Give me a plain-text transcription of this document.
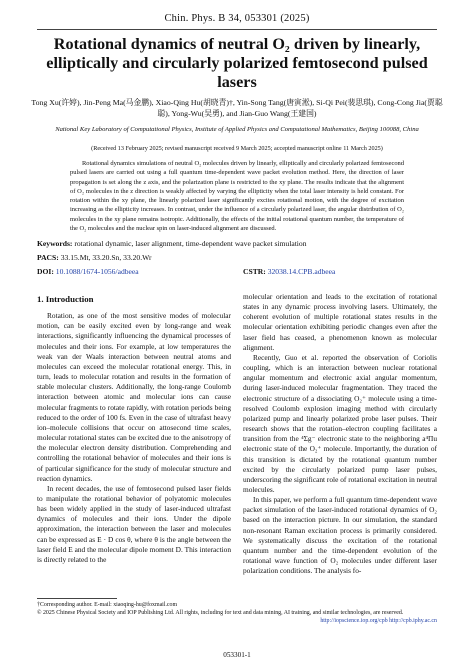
Chin. Phys. B 34, 053301 (2025)
Rotational dynamics of neutral O₂ driven by linearly, elliptically and circularly polarized femtosecond pulsed lasers
Tong Xu(许婷), Jin-Peng Ma(马金鹏), Xiao-Qing Hu(胡晓青)†, Yin-Song Tang(唐寅淞), Si-Qi Pei(裴思琪), Cong-Cong Jia(贾聪聪), Yong-Wu(吴勇), and Jian-Guo Wang(王建国)
National Key Laboratory of Computational Physics, Institute of Applied Physics and Computational Mathematics, Beijing 100088, China
(Received 13 February 2025; revised manuscript received 9 March 2025; accepted manuscript online 11 March 2025)
Rotational dynamics simulations of neutral O₂ molecules driven by linearly, elliptically and circularly polarized femtosecond pulsed lasers are carried out using a full quantum time-dependent wave packet evolution method. Here, the direction of laser propagation is set along the z axis, and the polarization plane is restricted to the xy plane. The results indicate that the alignment of O₂ molecules in the z direction is weakly affected by varying the ellipticity when the total laser intensity is held constant. For rotation within the xy plane, the linearly polarized laser significantly excites rotational motion, with the degree of excitation increasing as the ellipticity increases. In contrast, under the influence of a circularly polarized laser, the angular distribution of O₂ molecules in the xy plane remains isotropic. Additionally, the effects of the initial rotational quantum number, the temperature of the O₂ molecules and the nuclear spin on laser-induced alignment are discussed.
Keywords: rotational dynamic, laser alignment, time-dependent wave packet simulation
PACS: 33.15.Mt, 33.20.Sn, 33.20.Wr
DOI: 10.1088/1674-1056/adbeea	CSTR: 32038.14.CPB.adbeea
1. Introduction

Rotation, as one of the most sensitive modes of molecular motion, can be easily excited even by long-range and weak interactions, significantly influencing the dynamical processes of molecules and their ions. For example, at low temperatures the weak van der Waals interaction between neutral atoms and molecules can exceed the molecular rotational energy. This, in turn, leads to molecular rotation and results in the formation of stable molecular clusters. Additionally, the long-range Coulomb interaction between atomic and molecular ions can cause molecular fragments to rotate rapidly, with rotation periods being reduced to the order of 100 fs. Even in the case of ultrafast heavy ion–molecule collisions that occur on attosecond time scales, molecular rotational states can be excited due to the anisotropy of the molecular electron density distribution. Comprehending and controlling the rotational behavior of molecules and their ions is of particular significance for the study of molecular structure and reaction dynamics.

In recent decades, the use of femtosecond pulsed laser fields to manipulate the rotational behavior of polyatomic molecules has been widely applied in the study of laser-induced ultrafast dynamics of molecules and their ions. Under the dipole approximation, the interaction between the laser and molecules can be expressed as E · D cos θ, where θ is the angle between the laser field E and the molecular dipole moment D. This interaction is directly related to the

molecular orientation and leads to the excitation of rotational states in any dynamic process involving lasers. Ultimately, the coherent evolution of multiple rotational states results in the molecular orientation exhibiting periodic changes even after the laser field has ceased, a phenomenon known as molecular alignment.

Recently, Guo et al. reported the observation of Coriolis coupling, which is an interaction between nuclear rotational angular momentum and electronic axial angular momentum, during laser-induced molecular fragmentation. They traced the electronic structure of a dissociating O₂⁺ molecule using a time-resolved Coulomb explosion imaging method with circularly polarized pump and linearly polarized probe laser pulses. Their research shows that the rotation–electron coupling facilitates a transition from the ⁴Σg⁻ electronic state to the neighboring a⁴Πu electronic state of the O₂⁺ molecule. Importantly, the duration of this transition is dictated by the rotational quantum number excited by the circularly polarized pump laser pulses, underscoring the significant role of rotational excitation in neutral molecules.

In this paper, we perform a full quantum time-dependent wave packet simulation of the laser-induced rotational dynamics of O₂ based on the interaction picture. In our simulation, the standard non-resonant Raman excitation process is primarily considered. We systematically discuss the excitation of the rotational quantum number and the time-dependent evolution of the rotational wave function of O₂ molecules under different laser polarization conditions. The analysis fo-

†Corresponding author. E-mail: xiaoqing-hu@foxmail.com
© 2025 Chinese Physical Society and IOP Publishing Ltd. All rights, including for text and data mining, AI training, and similar technologies, are reserved.
http://iopscience.iop.org/cpb http://cpb.iphy.ac.cn
053301-1
